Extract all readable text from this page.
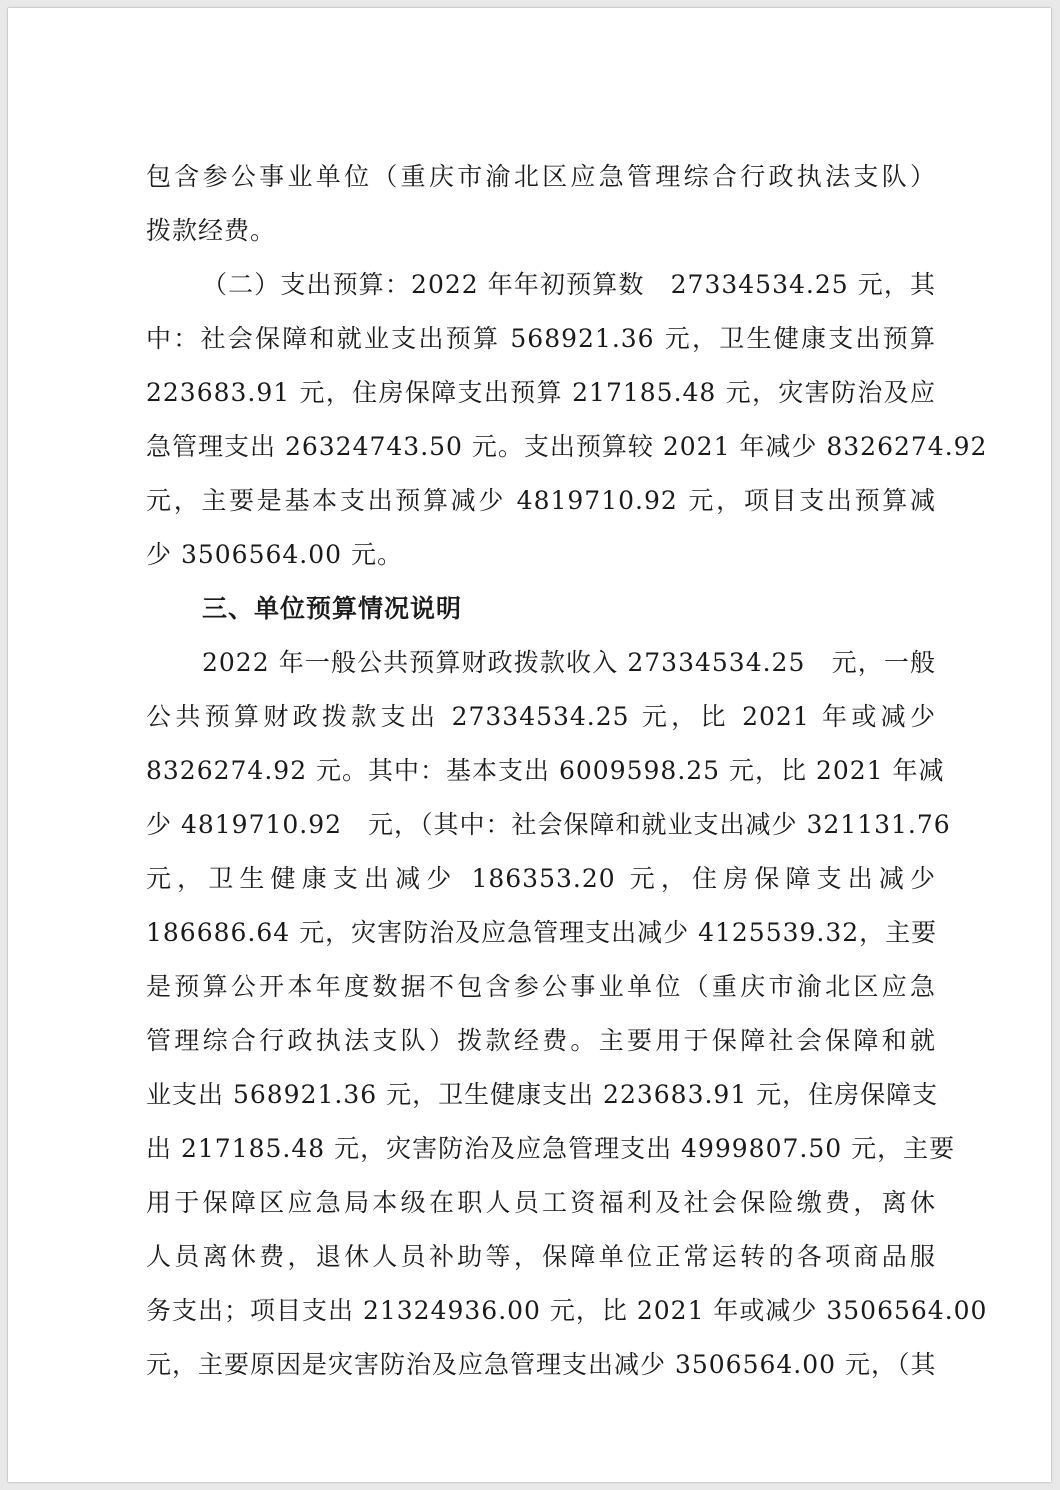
包含参公事业单位（重庆市渝北区应急管理综合行政执法支队）
拨款经费。
（二）支出预算：2022 年年初预算数　27334534.25 元，其
中：社会保障和就业支出预算 568921.36 元，卫生健康支出预算
223683.91 元，住房保障支出预算 217185.48 元，灾害防治及应
急管理支出 26324743.50 元。支出预算较 2021 年减少 8326274.92
元，主要是基本支出预算减少 4819710.92 元，项目支出预算减
少 3506564.00 元。
三、单位预算情况说明
2022 年一般公共预算财政拨款收入 27334534.25　元，一般
公共预算财政拨款支出 27334534.25 元，比 2021 年或减少
8326274.92 元。其中：基本支出 6009598.25 元，比 2021 年减
少 4819710.92　元，（其中：社会保障和就业支出减少 321131.76
元，卫生健康支出减少 186353.20 元，住房保障支出减少
186686.64 元，灾害防治及应急管理支出减少 4125539.32，主要
是预算公开本年度数据不包含参公事业单位（重庆市渝北区应急
管理综合行政执法支队）拨款经费。主要用于保障社会保障和就
业支出 568921.36 元，卫生健康支出 223683.91 元，住房保障支
出 217185.48 元，灾害防治及应急管理支出 4999807.50 元，主要
用于保障区应急局本级在职人员工资福利及社会保险缴费，离休
人员离休费，退休人员补助等，保障单位正常运转的各项商品服
务支出；项目支出 21324936.00 元，比 2021 年或减少 3506564.00
元，主要原因是灾害防治及应急管理支出减少 3506564.00 元，（其
